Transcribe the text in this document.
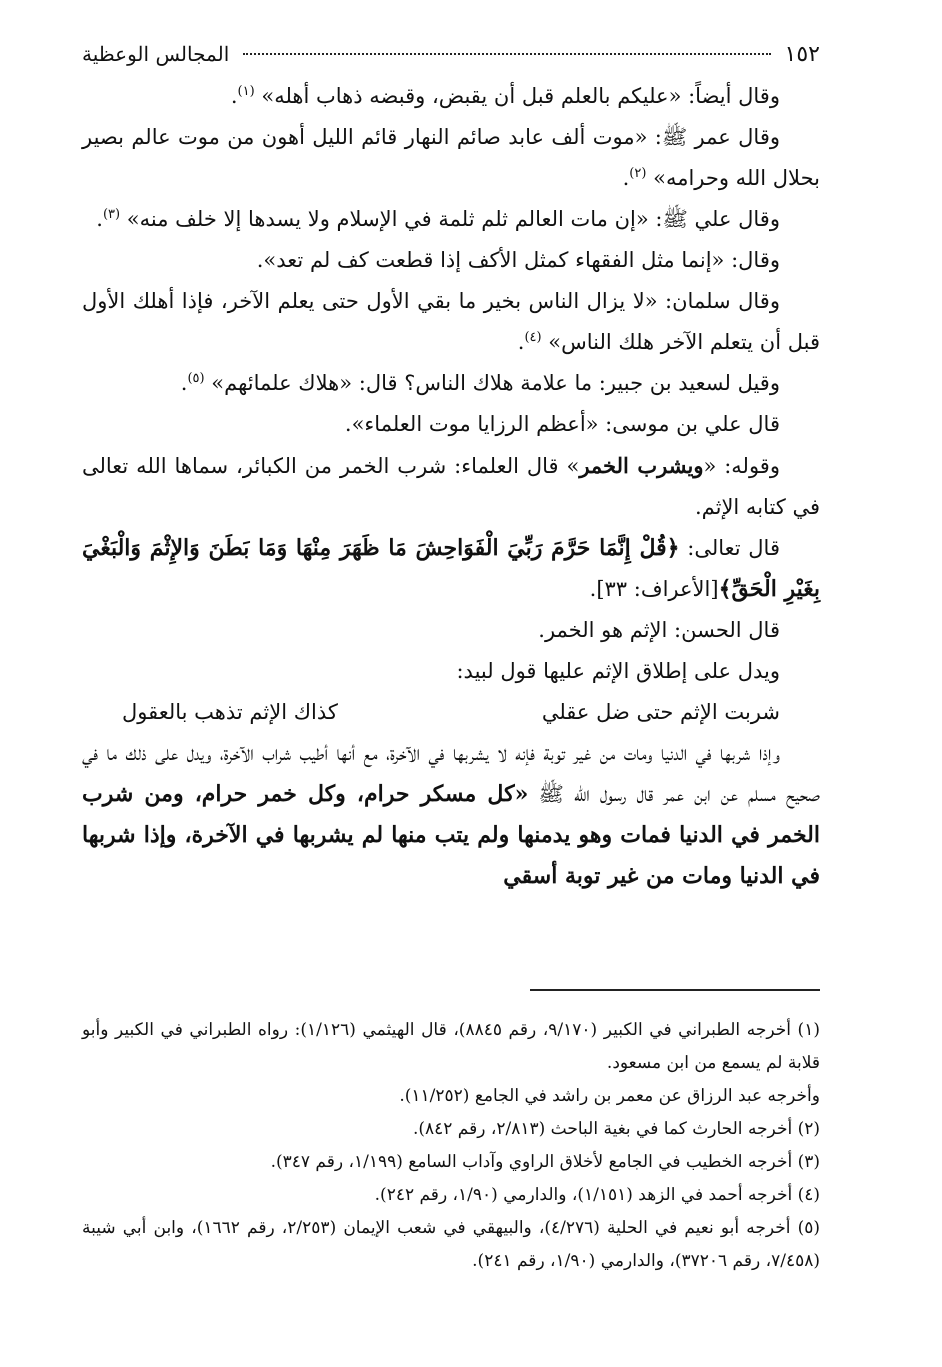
١٥٢
المجالس الوعظية

وقال أيضاً: «عليكم بالعلم قبل أن يقبض، وقبضه ذهاب أهله» $^{(١)}$.

وقال عمر ﷺ: «موت ألف عابد صائم النهار قائم الليل أهون من موت عالم بصير بحلال الله وحرامه» $^{(٢)}$.

وقال علي ﷺ: «إن مات العالم ثلم ثلمة في الإسلام ولا يسدها إلا خلف منه» $^{(٣)}$.

وقال: «إنما مثل الفقهاء كمثل الأكف إذا قطعت كف لم تعد».

وقال سلمان: «لا يزال الناس بخير ما بقي الأول حتى يعلم الآخر، فإذا أهلك الأول قبل أن يتعلم الآخر هلك الناس» $^{(٤)}$.

وقيل لسعيد بن جبير: ما علامة هلاك الناس؟ قال: «هلاك علمائهم» $^{(٥)}$.

قال علي بن موسى: «أعظم الرزايا موت العلماء».

وقوله: «ويشرب الخمر» قال العلماء: شرب الخمر من الكبائر، سماها الله تعالى في كتابه الإثم.

قال تعالى: ﴿قُلْ إِنَّمَا حَرَّمَ رَبِّيَ الْفَوَاحِشَ مَا ظَهَرَ مِنْهَا وَمَا بَطَنَ وَالإِثْمَ وَالْبَغْيَ بِغَيْرِ الْحَقِّ﴾[الأعراف: ٣٣].

قال الحسن: الإثم هو الخمر.

ويدل على إطلاق الإثم عليها قول لبيد:

شربت الإثم حتى ضل عقلي
كذاك الإثم تذهب بالعقول

وإذا شربها في الدنيا ومات من غير توبة فإنه لا يشربها في الآخرة، مع أنها أطيب شراب الآخرة، ويدل على ذلك ما في صحيح مسلم عن ابن عمر قال رسول الله ﷺ «كل مسكر حرام، وكل خمر حرام، ومن شرب الخمر في الدنيا فمات وهو يدمنها ولم يتب منها لم يشربها في الآخرة، وإذا شربها في الدنيا ومات من غير توبة أسقي

(١) أخرجه الطبراني في الكبير (٩/١٧٠، رقم ٨٨٤٥)، قال الهيثمي (١/١٢٦): رواه الطبراني في الكبير وأبو قلابة لم يسمع من ابن مسعود.

وأخرجه عبد الرزاق عن معمر بن راشد في الجامع (١١/٢٥٢).

(٢) أخرجه الحارث كما في بغية الباحث (٢/٨١٣، رقم ٨٤٢).

(٣) أخرجه الخطيب في الجامع لأخلاق الراوي وآداب السامع (١/١٩٩، رقم ٣٤٧).

(٤) أخرجه أحمد في الزهد (١/١٥١)، والدارمي (١/٩٠، رقم ٢٤٢).

(٥) أخرجه أبو نعيم في الحلية (٤/٢٧٦)، والبيهقي في شعب الإيمان (٢/٢٥٣، رقم ١٦٦٢)، وابن أبي شيبة (٧/٤٥٨، رقم ٣٧٢٠٦)، والدارمي (١/٩٠، رقم ٢٤١).
